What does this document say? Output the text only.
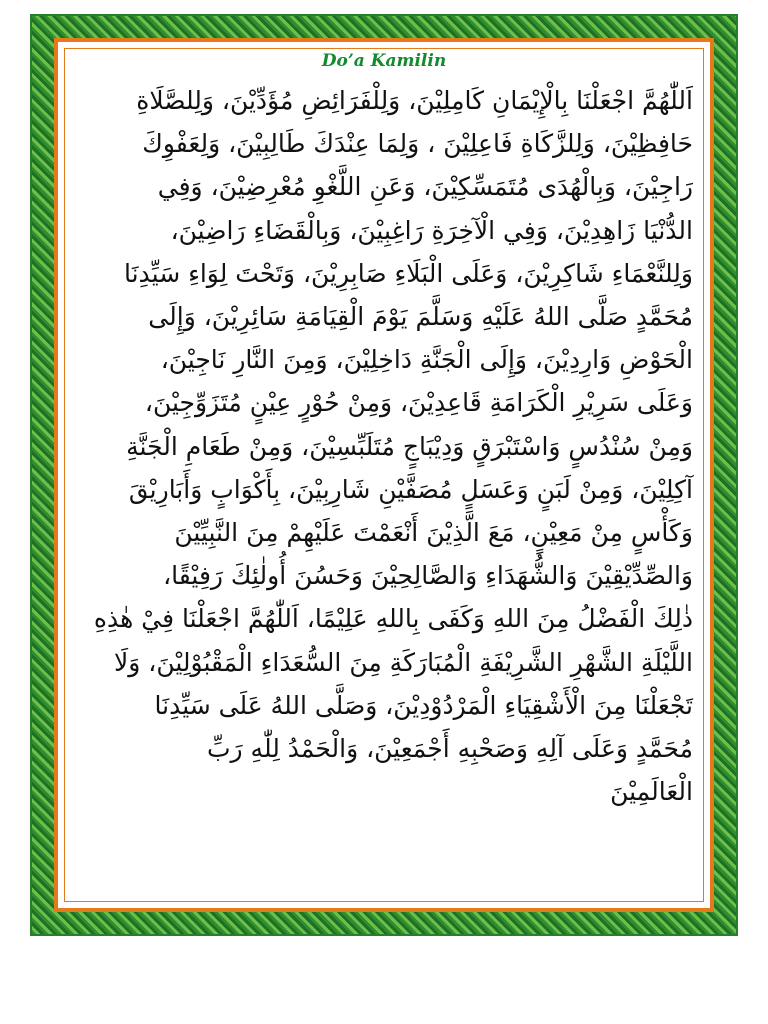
Do’a Kamilin
اَللّٰهُمَّ اجْعَلْنَا بِالْإِيْمَانِ كَامِلِيْنَ، وَلِلْفَرَائِضِ مُؤَدِّيْنَ، وَلِلصَّلَاةِ
حَافِظِيْنَ، وَلِلزَّكَاةِ فَاعِلِيْنَ ، وَلِمَا عِنْدَكَ طَالِبِيْنَ، وَلِعَفْوِكَ
رَاجِيْنَ، وَبِالْهُدَى مُتَمَسِّكِيْنَ، وَعَنِ اللَّغْوِ مُعْرِضِيْنَ، وَفِي
الدُّنْيَا زَاهِدِيْنَ، وَفِي الْآخِرَةِ رَاغِبِيْنَ، وَبِالْقَضَاءِ رَاضِيْنَ،
وَلِلنَّعْمَاءِ شَاكِرِيْنَ، وَعَلَى الْبَلَاءِ صَابِرِيْنَ، وَتَحْتَ لِوَاءِ سَيِّدِنَا
مُحَمَّدٍ صَلَّى اللهُ عَلَيْهِ وَسَلَّمَ يَوْمَ الْقِيَامَةِ سَائِرِيْنَ، وَإِلَى
الْحَوْضِ وَارِدِيْنَ، وَإِلَى الْجَنَّةِ دَاخِلِيْنَ، وَمِنَ النَّارِ نَاجِيْنَ،
وَعَلَى سَرِيْرِ الْكَرَامَةِ قَاعِدِيْنَ، وَمِنْ حُوْرٍ عِيْنٍ مُتَزَوِّجِيْنَ،
وَمِنْ سُنْدُسٍ وَاسْتَبْرَقٍ وَدِيْبَاجٍ مُتَلَبِّسِيْنَ، وَمِنْ طَعَامِ الْجَنَّةِ
آكِلِيْنَ، وَمِنْ لَبَنٍ وَعَسَلٍ مُصَفَّيْنِ شَارِبِيْنَ، بِأَكْوَابٍ وَأَبَارِيْقَ
وَكَأْسٍ مِنْ مَعِيْنٍ، مَعَ الَّذِيْنَ أَنْعَمْتَ عَلَيْهِمْ مِنَ النَّبِيِّيْنَ
وَالصِّدِّيْقِيْنَ وَالشُّهَدَاءِ وَالصَّالِحِيْنَ وَحَسُنَ أُولٰئِكَ رَفِيْقًا،
ذٰلِكَ الْفَضْلُ مِنَ اللهِ وَكَفَى بِاللهِ عَلِيْمًا، اَللّٰهُمَّ اجْعَلْنَا فِيْ هٰذِهِ
اللَّيْلَةِ الشَّهْرِ الشَّرِيْفَةِ الْمُبَارَكَةِ مِنَ السُّعَدَاءِ الْمَقْبُوْلِيْنَ، وَلَا
تَجْعَلْنَا مِنَ الْأَشْقِيَاءِ الْمَرْدُوْدِيْنَ، وَصَلَّى اللهُ عَلَى سَيِّدِنَا
مُحَمَّدٍ وَعَلَى آلِهِ وَصَحْبِهِ أَجْمَعِيْنَ، وَالْحَمْدُ لِلّٰهِ رَبِّ
الْعَالَمِيْنَ
